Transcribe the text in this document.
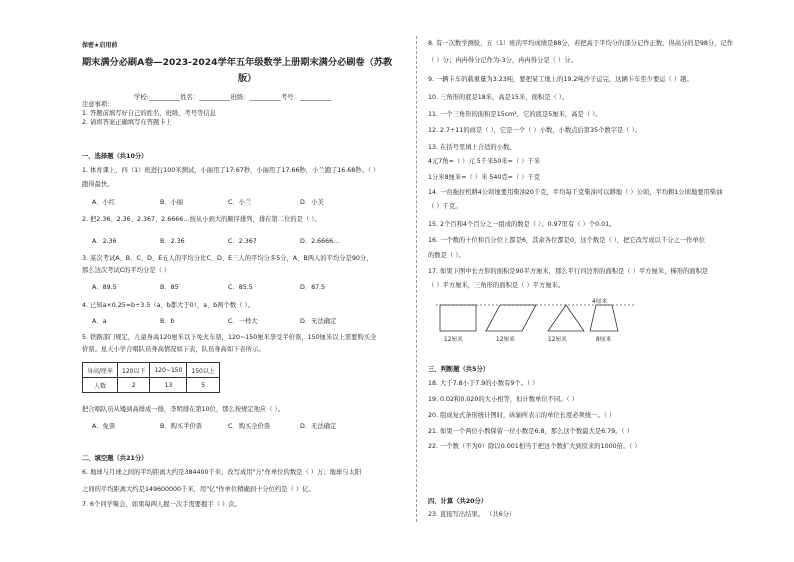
保密★启用前
期末满分必刷A卷—2023-2024学年五年级数学上册期末满分必刷卷（苏教
版）
学校:__________姓名：__________班级：__________考号：__________
注意事项:
1. 答题前填写好自己的姓名、班级、考号等信息
2. 请将答案正确填写在答题卡上
一、选择题（共10分）
1. 体育课上，四（1）班进行100米测试，小丽用了17.67秒，小丽用了17.66秒，小兰跑了16.68秒。（ ）
跑得最快。
A．小红	B．小丽	C．小兰	D．小美
2. 把2.36、2.3̇6、2.367、2.6666…按从小到大的顺序排列，排在第二位的是（ ）。
A．2.36	B．2.3̇6	C．2.367	D．2.6666…
3. 某次考试A、B、C、D、E五人的平均分比C、D、E三人的平均分多5分，A、B两人的平均分是90分，
那么这次考试C的平均分是（ ）
A．89.5	B．85	C．85.5	D．87.5
4. 已知a×0.25=b÷3.5（a、b都大于0），a、b两个数（ ）。
A．a	B．b	C．一样大	D．无法确定
5. 铁路部门规定，儿童身高120厘米以下免火车票，120~150厘米享受半价票，150厘米以上需要购买全
价票。星天小学合唱队员身高情况如下表，队员身高如下表所示。
身高/厘米	120以下	120~150	150以上
人数	2	13	5
把合唱队员从矮到高排成一排，李明排在第10位，那么按规定他应（ ）。
A．免票	B．购买半价票	C．购买全价票	D．无法确定
二、填空题（共21分）
6. 地球与月球之间的平均距离大约是384400千米，改写成用"万"作单位的数是（ ）万；地球与太阳
之间的平均距离大约是149600000千米，用"亿"作单位精确到十分位约是（ ）亿。
7. 6个同学聚会，如果每两人握一次手需要握手（ ）次。
8. 有一次数学测验，五（1）班的平均成绩是88分，若把高于平均分的部分记作正数，得高分的是98分，记作
（ ）分；冉冉得分记作为-3分，冉冉得分是（ ）分。
9. 一辆卡车的载重量为3.23吨，要把某工地上的19.2吨沙子运完，这辆卡车至少要运（ ）趟。
10. 三角形的底是18米，高是15米，面积是（ ）。
11. 一个三角形的面积是15cm²，它的底是5厘米，高是（ ）。
12. 2.7÷11的商是（ ），它是一个（ ）小数，小数点后第35个数字是（ ）。
13. 在括号里填上合适的小数。
4元7角=（ ）元 5千米50米=（ ）千米
1分米8厘米=（ ）米 540克=（ ）千克
14. 一台拖拉机耕4公顷地要用柴油20千克，平均每千克柴油可以耕地（ ）公顷，平均耕1公顷地要用柴油
（ ）千克。
15. 2个百和4个百分之一组成的数是（ ）；0.97里有（ ）个0.01。
16. 一个数的十位和百分位上都是6，其余各位都是0，这个数是（ ），把它改写成以千分之一作单位
的数是（ ）。
17. 如果下图中长方形的面积是90平方厘米，那么平行四边形的面积是（ ）平方厘米，梯形的面积是
（ ）平方厘米，三角形的面积是（ ）平方厘米。
4厘米
12厘米	12厘米	12厘米	8厘米
三、判断题（共5分）
18. 大于7.8小于7.9的小数有9个。（ ）
19. 0.02和0.020的大小相等，但计数单位不同。（ ）
20. 组成复式条形统计图时，纵轴所表示的单位长度必须统一。（ ）
21. 如果一个两位小数保留一位小数是6.8，那么这个数最大是6.79。（ ）
22. 一个数（不为0）除以0.001相当于把这个数扩大到原来的1000倍。（ ）
四、计算（共20分）
23. 直接写出结果。 （共6分）
